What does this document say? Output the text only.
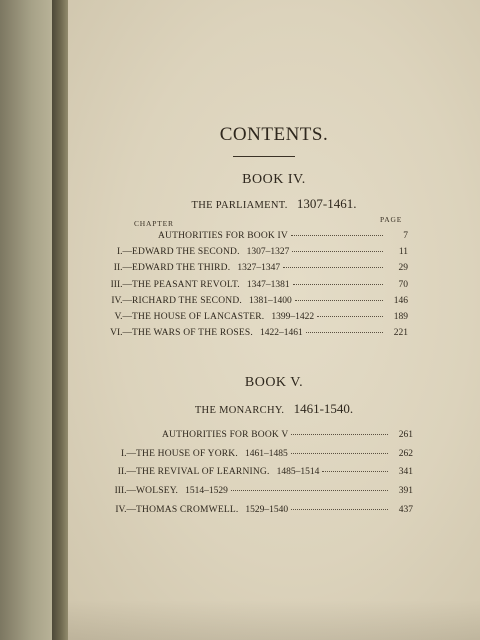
CONTENTS.
BOOK IV.
THE PARLIAMENT. 1307-1461.
CHAPTER	PAGE
AUTHORITIES FOR BOOK IV	7
I.— EDWARD THE SECOND. 1307–1327	11
II.— EDWARD THE THIRD. 1327–1347	29
III.— THE PEASANT REVOLT. 1347–1381	70
IV.— RICHARD THE SECOND. 1381–1400	146
V.— THE HOUSE OF LANCASTER. 1399–1422	189
VI.— THE WARS OF THE ROSES. 1422–1461	221
BOOK V.
THE MONARCHY. 1461-1540.
AUTHORITIES FOR BOOK V	261
I.— THE HOUSE OF YORK. 1461–1485	262
II.— THE REVIVAL OF LEARNING. 1485–1514	341
III.— WOLSEY. 1514–1529	391
IV.— THOMAS CROMWELL. 1529–1540	437
